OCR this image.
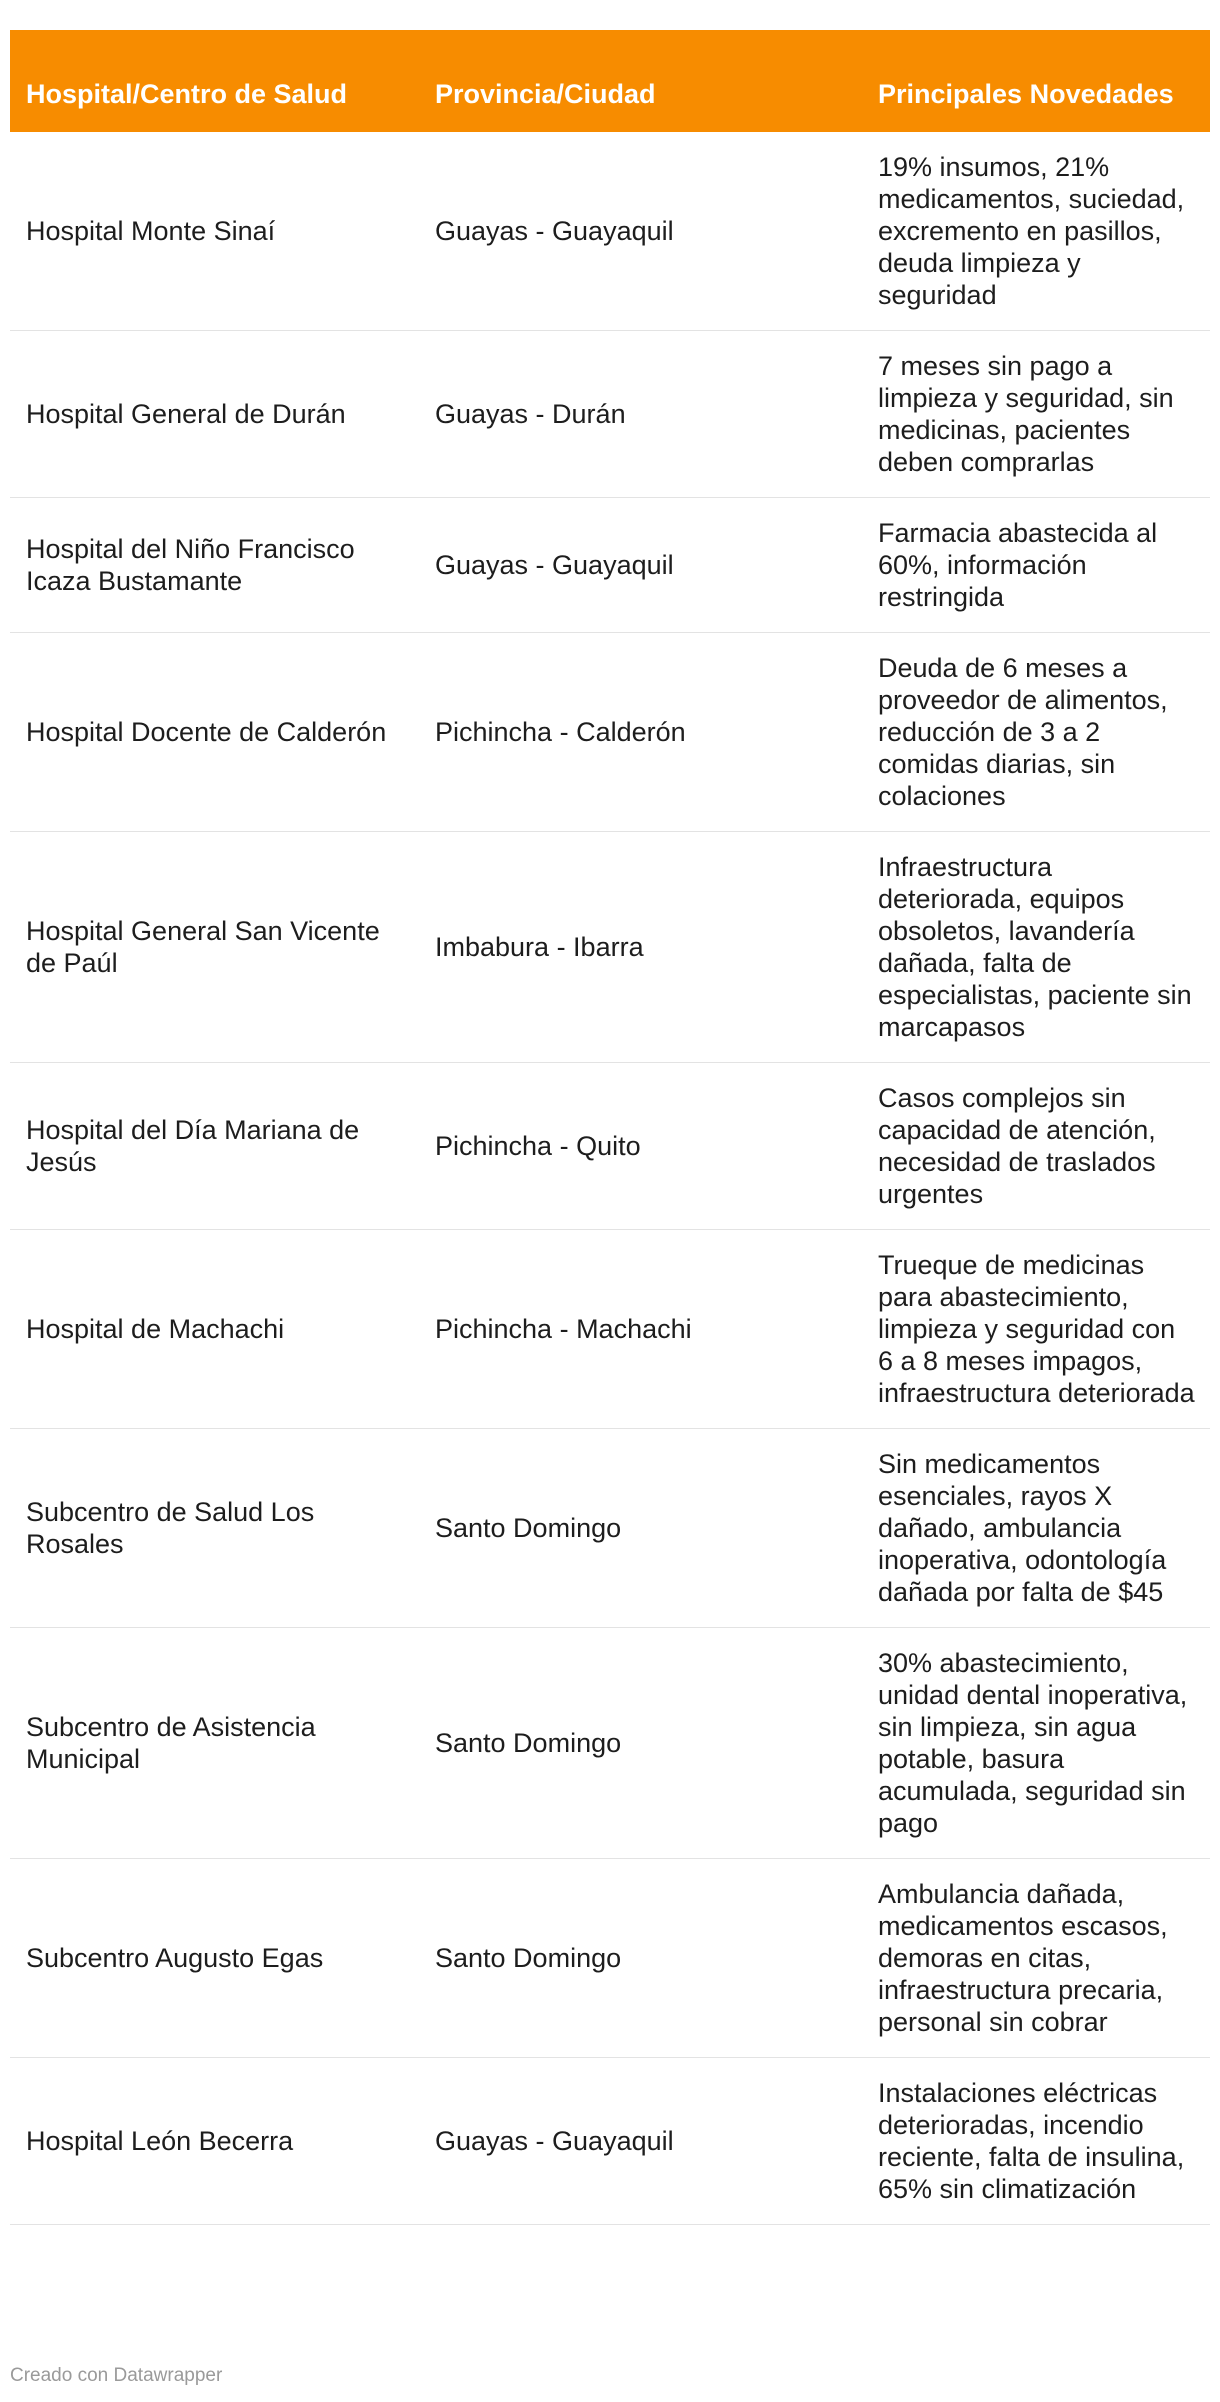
Hospital/Centro de Salud	Provincia/Ciudad	Principales Novedades
Hospital Monte Sinaí	Guayas - Guayaquil	19% insumos, 21% medicamentos, suciedad, excremento en pasillos, deuda limpieza y seguridad
Hospital General de Durán	Guayas - Durán	7 meses sin pago a limpieza y seguridad, sin medicinas, pacientes deben comprarlas
Hospital del Niño Francisco Icaza Bustamante	Guayas - Guayaquil	Farmacia abastecida al 60%, información restringida
Hospital Docente de Calderón	Pichincha - Calderón	Deuda de 6 meses a proveedor de alimentos, reducción de 3 a 2 comidas diarias, sin colaciones
Hospital General San Vicente de Paúl	Imbabura - Ibarra	Infraestructura deteriorada, equipos obsoletos, lavandería dañada, falta de especialistas, paciente sin marcapasos
Hospital del Día Mariana de Jesús	Pichincha - Quito	Casos complejos sin capacidad de atención, necesidad de traslados urgentes
Hospital de Machachi	Pichincha - Machachi	Trueque de medicinas para abastecimiento, limpieza y seguridad con 6 a 8 meses impagos, infraestructura deteriorada
Subcentro de Salud Los Rosales	Santo Domingo	Sin medicamentos esenciales, rayos X dañado, ambulancia inoperativa, odontología dañada por falta de $45
Subcentro de Asistencia Municipal	Santo Domingo	30% abastecimiento, unidad dental inoperativa, sin limpieza, sin agua potable, basura acumulada, seguridad sin pago
Subcentro Augusto Egas	Santo Domingo	Ambulancia dañada, medicamentos escasos, demoras en citas, infraestructura precaria, personal sin cobrar
Hospital León Becerra	Guayas - Guayaquil	Instalaciones eléctricas deterioradas, incendio reciente, falta de insulina, 65% sin climatización
Creado con Datawrapper
